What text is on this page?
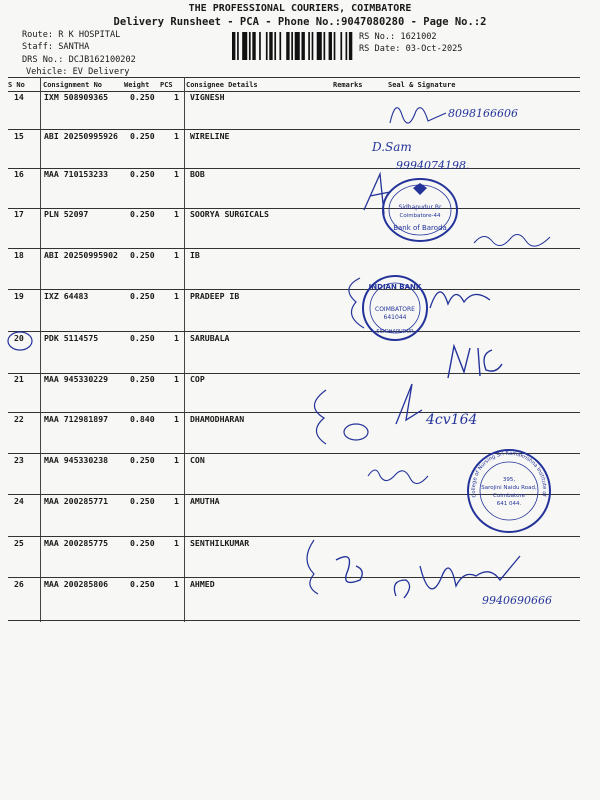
THE PROFESSIONAL COURIERS, COIMBATORE
Delivery Runsheet - PCA - Phone No.:9047080280 - Page No.:2
Route: R K HOSPITAL
Staff: SANTHA
DRS No.: DCJB162100202
Vehicle: EV Delivery
RS No.: 1621002
RS Date: 03-Oct-2025
S No	Consignment No	Weight PCS Consignee Details	Remarks	Seal & Signature
14 IXM 508909365	0.250 1 VIGNESH
15 ABI 20250995926 0.250 1 WIRELINE
16 MAA 710153233	0.250 1 BOB
17 PLN 52097	0.250 1 SOORYA SURGICALS
18 ABI 20250995902 0.250 1 IB
19 IXZ 64483	0.250 1 PRADEEP IB
20 PDK 5114575	0.250 1 SARUBALA
21 MAA 945330229	0.250 1 COP
22 MAA 712981897	0.840 1 DHAMODHARAN
23 MAA 945330238	0.250 1 CON
24 MAA 200285771	0.250 1 AMUTHA
25 MAA 200285775	0.250 1 SENTHILKUMAR
26 MAA 200285806	0.250 1 AHMED
Sidhapudur Br
Coimbatore-44
Bank of Baroda
INDIAN BANK
COIMBATORE
641044
SIDDHAPUDUR
College of Nursing Sri Ramakrishna Institute of Paramedical Sciences
395,
Sarojini Naidu Road,
Coimbatore
641 044.
8098166606
D.Sam
9994074198.
4cv164
9940690666
